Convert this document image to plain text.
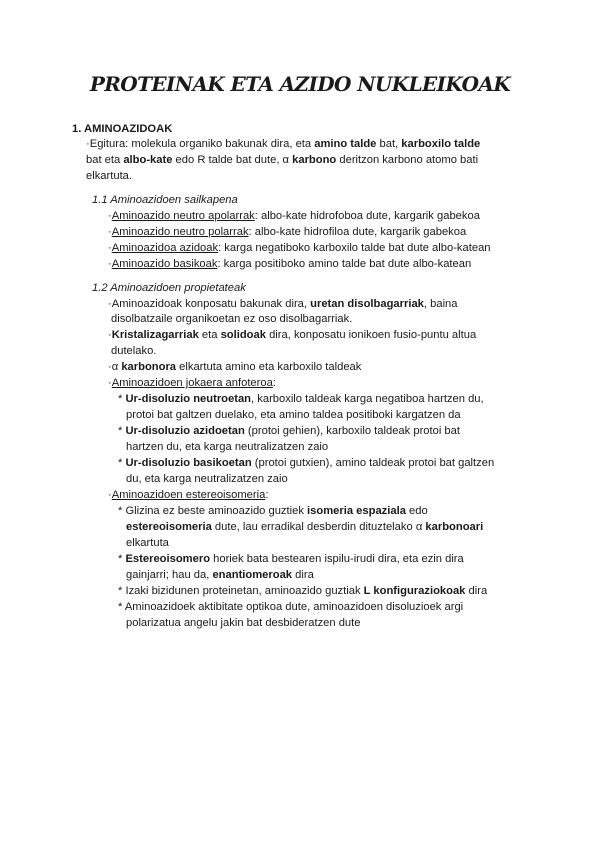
PROTEINAK ETA AZIDO NUKLEIKOAK
1. AMINOAZIDOAK
·Egitura: molekula organiko bakunak dira, eta amino talde bat, karboxilo talde
bat eta albo-kate edo R talde bat dute, α karbono deritzon karbono atomo bati
elkartuta.
1.1 Aminoazidoen sailkapena
·Aminoazido neutro apolarrak: albo-kate hidrofoboa dute, kargarik gabekoa
·Aminoazido neutro polarrak: albo-kate hidrofiloa dute, kargarik gabekoa
·Aminoazidoa azidoak: karga negatiboko karboxilo talde bat dute albo-katean
·Aminoazido basikoak: karga positiboko amino talde bat dute albo-katean
1.2 Aminoazidoen propietateak
·Aminoazidoak konposatu bakunak dira, uretan disolbagarriak, baina
disolbatzaile organikoetan ez oso disolbagarriak.
·Kristalizagarriak eta solidoak dira, konposatu ionikoen fusio-puntu altua
dutelako.
·α karbonora elkartuta amino eta karboxilo taldeak
·Aminoazidoen jokaera anfoteroa:
* Ur-disoluzio neutroetan, karboxilo taldeak karga negatiboa hartzen du,
protoi bat galtzen duelako, eta amino taldea positiboki kargatzen da
* Ur-disoluzio azidoetan (protoi gehien), karboxilo taldeak protoi bat
hartzen du, eta karga neutralizatzen zaio
* Ur-disoluzio basikoetan (protoi gutxien), amino taldeak protoi bat galtzen
du, eta karga neutralizatzen zaio
·Aminoazidoen estereoisomeria:
* Glizina ez beste aminoazido guztiek isomeria espaziala edo
estereoisomeria dute, lau erradikal desberdin dituztelako α karbonoari
elkartuta
* Estereoisomero horiek bata bestearen ispilu-irudi dira, eta ezin dira
gainjarri; hau da, enantiomeroak dira
* Izaki bizidunen proteinetan, aminoazido guztiak L konfiguraziokoak dira
* Aminoazidoek aktibitate optikoa dute, aminoazidoen disoluzioek argi
polarizatua angelu jakin bat desbideratzen dute
